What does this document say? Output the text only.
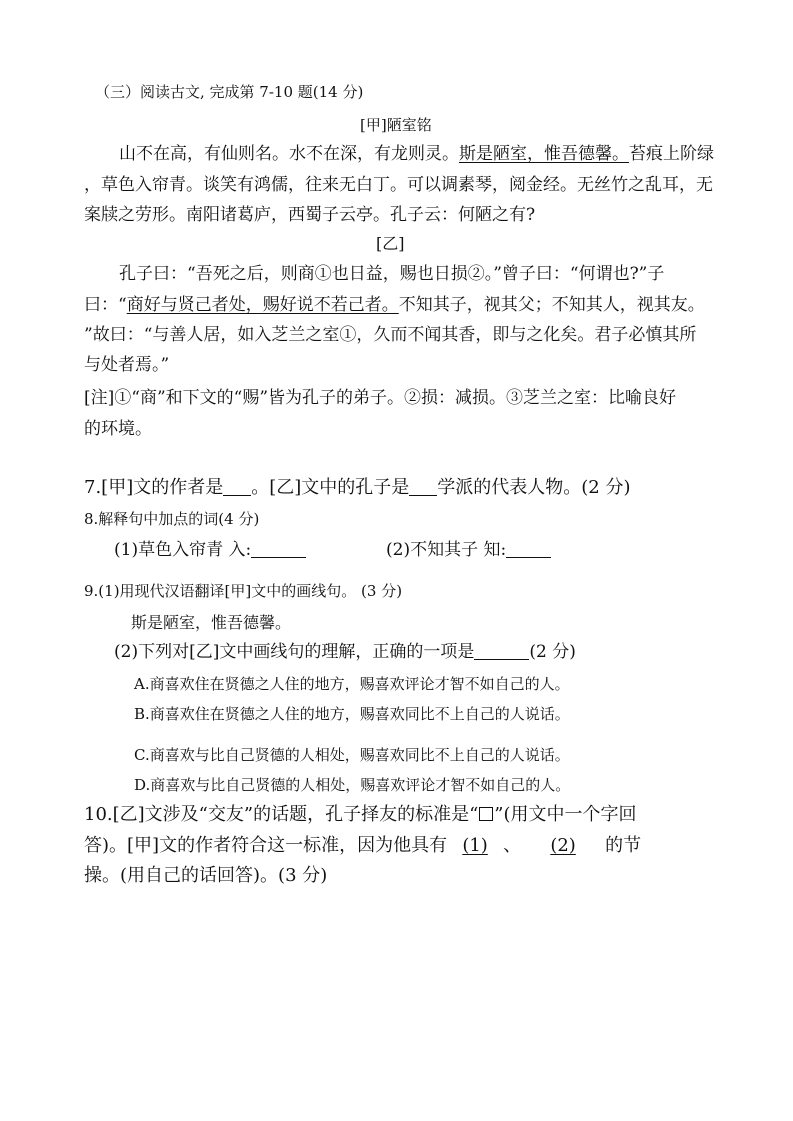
（三）阅读古文, 完成第 7-10 题(14 分)
[甲]陋室铭
山不在高，有仙则名。水不在深，有龙则灵。斯是陋室，惟吾德馨。苔痕上阶绿
，草色入帘青。谈笑有鸿儒，往来无白丁。可以调素琴，阅金经。无丝竹之乱耳，无
案牍之劳形。南阳诸葛庐，西蜀子云亭。孔子云：何陋之有?
[乙]
孔子曰：“吾死之后，则商①也日益，赐也日损②。”曾子曰：“何谓也?”子
曰：“商好与贤己者处，赐好说不若己者。不知其子，视其父；不知其人，视其友。
”故曰：“与善人居，如入芝兰之室①，久而不闻其香，即与之化矣。君子必慎其所
与处者焉。”
[注]①“商”和下文的“赐”皆为孔子的弟子。②损：减损。③芝兰之室：比喻良好
的环境。
7.[甲]文的作者是 。[乙]文中的孔子是 学派的代表人物。(2 分)
8.解释句中加点的词(4 分)
(1)草色入帘青 入:	(2)不知其子 知:
9.(1)用现代汉语翻译[甲]文中的画线句。 (3 分)
斯是陋室，惟吾德馨。
(2)下列对[乙]文中画线句的理解，正确的一项是	(2 分)
A.商喜欢住在贤德之人住的地方，赐喜欢评论才智不如自己的人。
B.商喜欢住在贤德之人住的地方，赐喜欢同比不上自己的人说话。
C.商喜欢与比自己贤德的人相处，赐喜欢同比不上自己的人说话。
D.商喜欢与比自己贤德的人相处，赐喜欢评论才智不如自己的人。
10.[乙]文涉及“交友”的话题，孔子择友的标准是“ ”(用文中一个字回
答)。[甲]文的作者符合这一标准，因为他具有 (1) 、 (2) 的节
操。(用自己的话回答)。(3 分)
